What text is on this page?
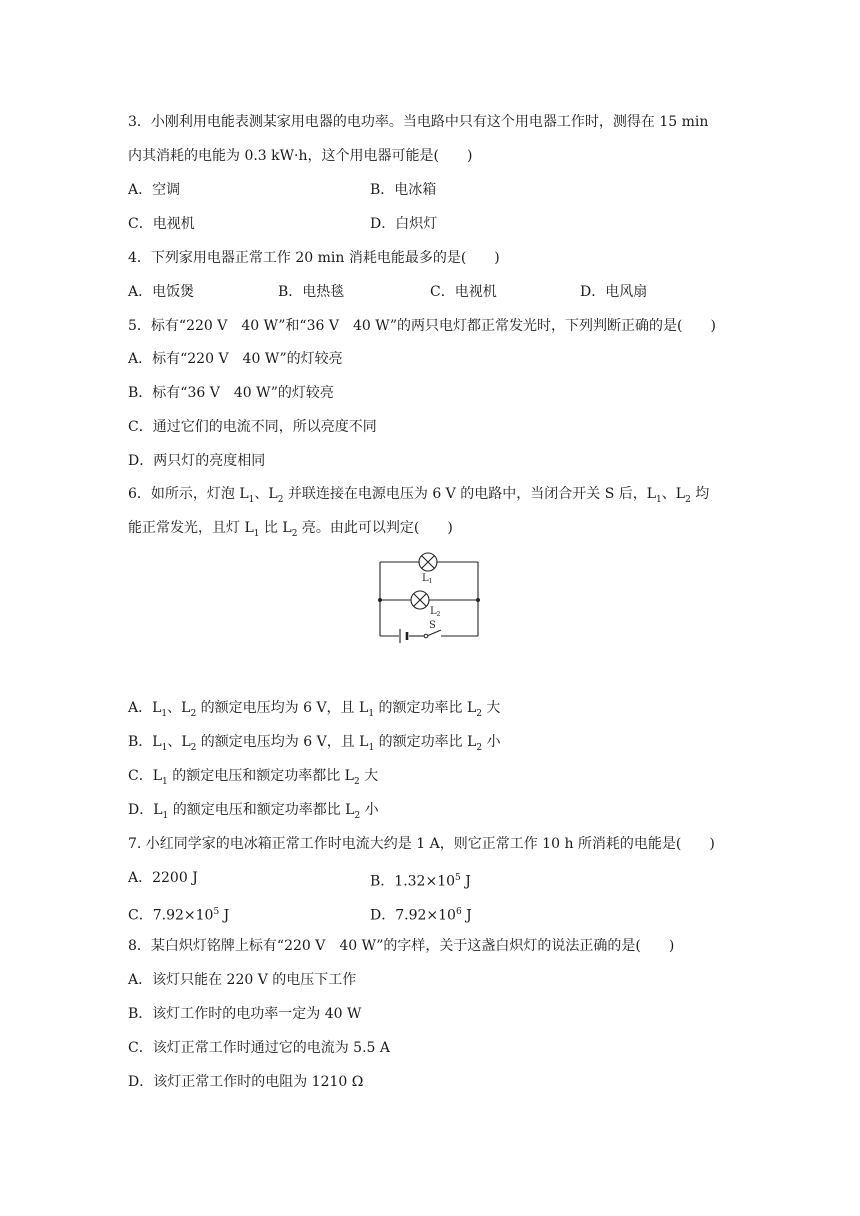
3．小刚利用电能表测某家用电器的电功率。当电路中只有这个用电器工作时，测得在 15 min
内其消耗的电能为 0.3 kW·h，这个用电器可能是(　　)
A．空调	B．电冰箱
C．电视机	D．白炽灯
4．下列家用电器正常工作 20 min 消耗电能最多的是(　　)
A．电饭煲	B．电热毯	C．电视机	D．电风扇
5．标有“220 V　40 W”和“36 V　40 W”的两只电灯都正常发光时，下列判断正确的是(　　)
A．标有“220 V　40 W”的灯较亮
B．标有“36 V　40 W”的灯较亮
C．通过它们的电流不同，所以亮度不同
D．两只灯的亮度相同
6．如所示，灯泡 $L_1$、$L_2$ 并联连接在电源电压为 6 V 的电路中，当闭合开关 S 后，$L_1$、$L_2$ 均
能正常发光，且灯 $L_1$ 比 $L_2$ 亮。由此可以判定(　　)
$L_1$
$L_2$
S
A．$L_1$、$L_2$ 的额定电压均为 6 V，且 $L_1$ 的额定功率比 $L_2$ 大
B．$L_1$、$L_2$ 的额定电压均为 6 V，且 $L_1$ 的额定功率比 $L_2$ 小
C．$L_1$ 的额定电压和额定功率都比 $L_2$ 大
D．$L_1$ 的额定电压和额定功率都比 $L_2$ 小
7. 小红同学家的电冰箱正常工作时电流大约是 1 A，则它正常工作 10 h 所消耗的电能是(　　)
A．2200 J	B．$1.32\times 10^5$ J
C．$7.92\times 10^5$ J	D．$7.92\times 10^6$ J
8．某白炽灯铭牌上标有“220 V　40 W”的字样，关于这盏白炽灯的说法正确的是(　　)
A．该灯只能在 220 V 的电压下工作
B．该灯工作时的电功率一定为 40 W
C．该灯正常工作时通过它的电流为 5.5 A
D．该灯正常工作时的电阻为 1210 Ω
